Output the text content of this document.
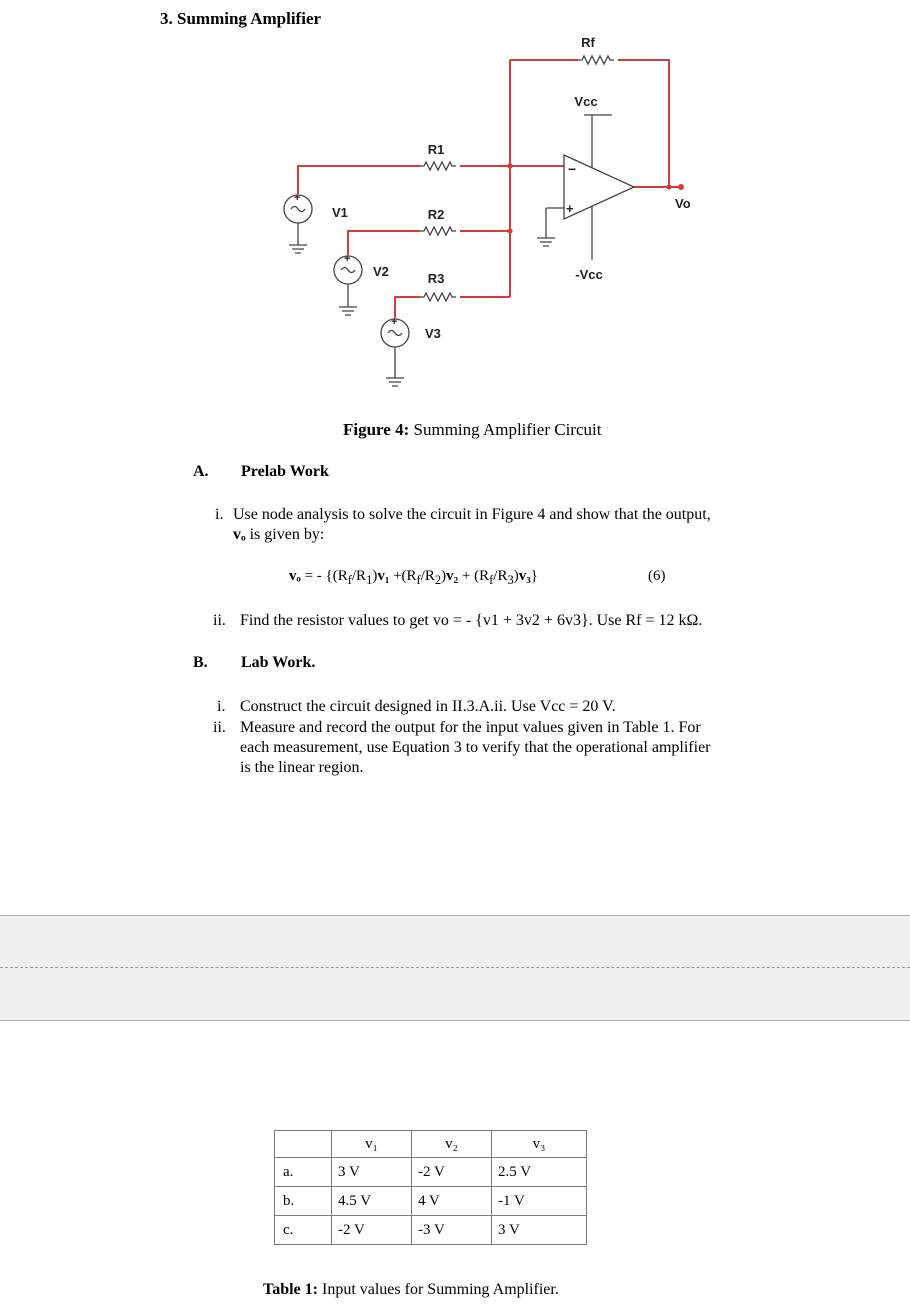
3. Summing Amplifier
Rf
Vcc
-Vcc
R1
R2
R3
V1
V2
V3
Vo
−
+
+
+
+
Figure 4: Summing Amplifier Circuit
A. Prelab Work
i. Use node analysis to solve the circuit in Figure 4 and show that the output,
vₒ is given by:
vₒ = - $\{(R_f/R_1)v_1 +(R_f/R_2)v_2 + (R_f/R_3)v_3\}$	(6)
ii. Find the resistor values to get vo = - {v1 + 3v2 + 6v3}. Use Rf = 12 kΩ.
B. Lab Work.
i. Construct the circuit designed in II.3.A.ii. Use Vcc = 20 V.
ii. Measure and record the output for the input values given in Table 1. For
each measurement, use Equation 3 to verify that the operational amplifier
is the linear region.
	v₁	v₂	v₃
a.	3 V	-2 V	2.5 V
b.	4.5 V	4 V	-1 V
c.	-2 V	-3 V	3 V
Table 1: Input values for Summing Amplifier.
